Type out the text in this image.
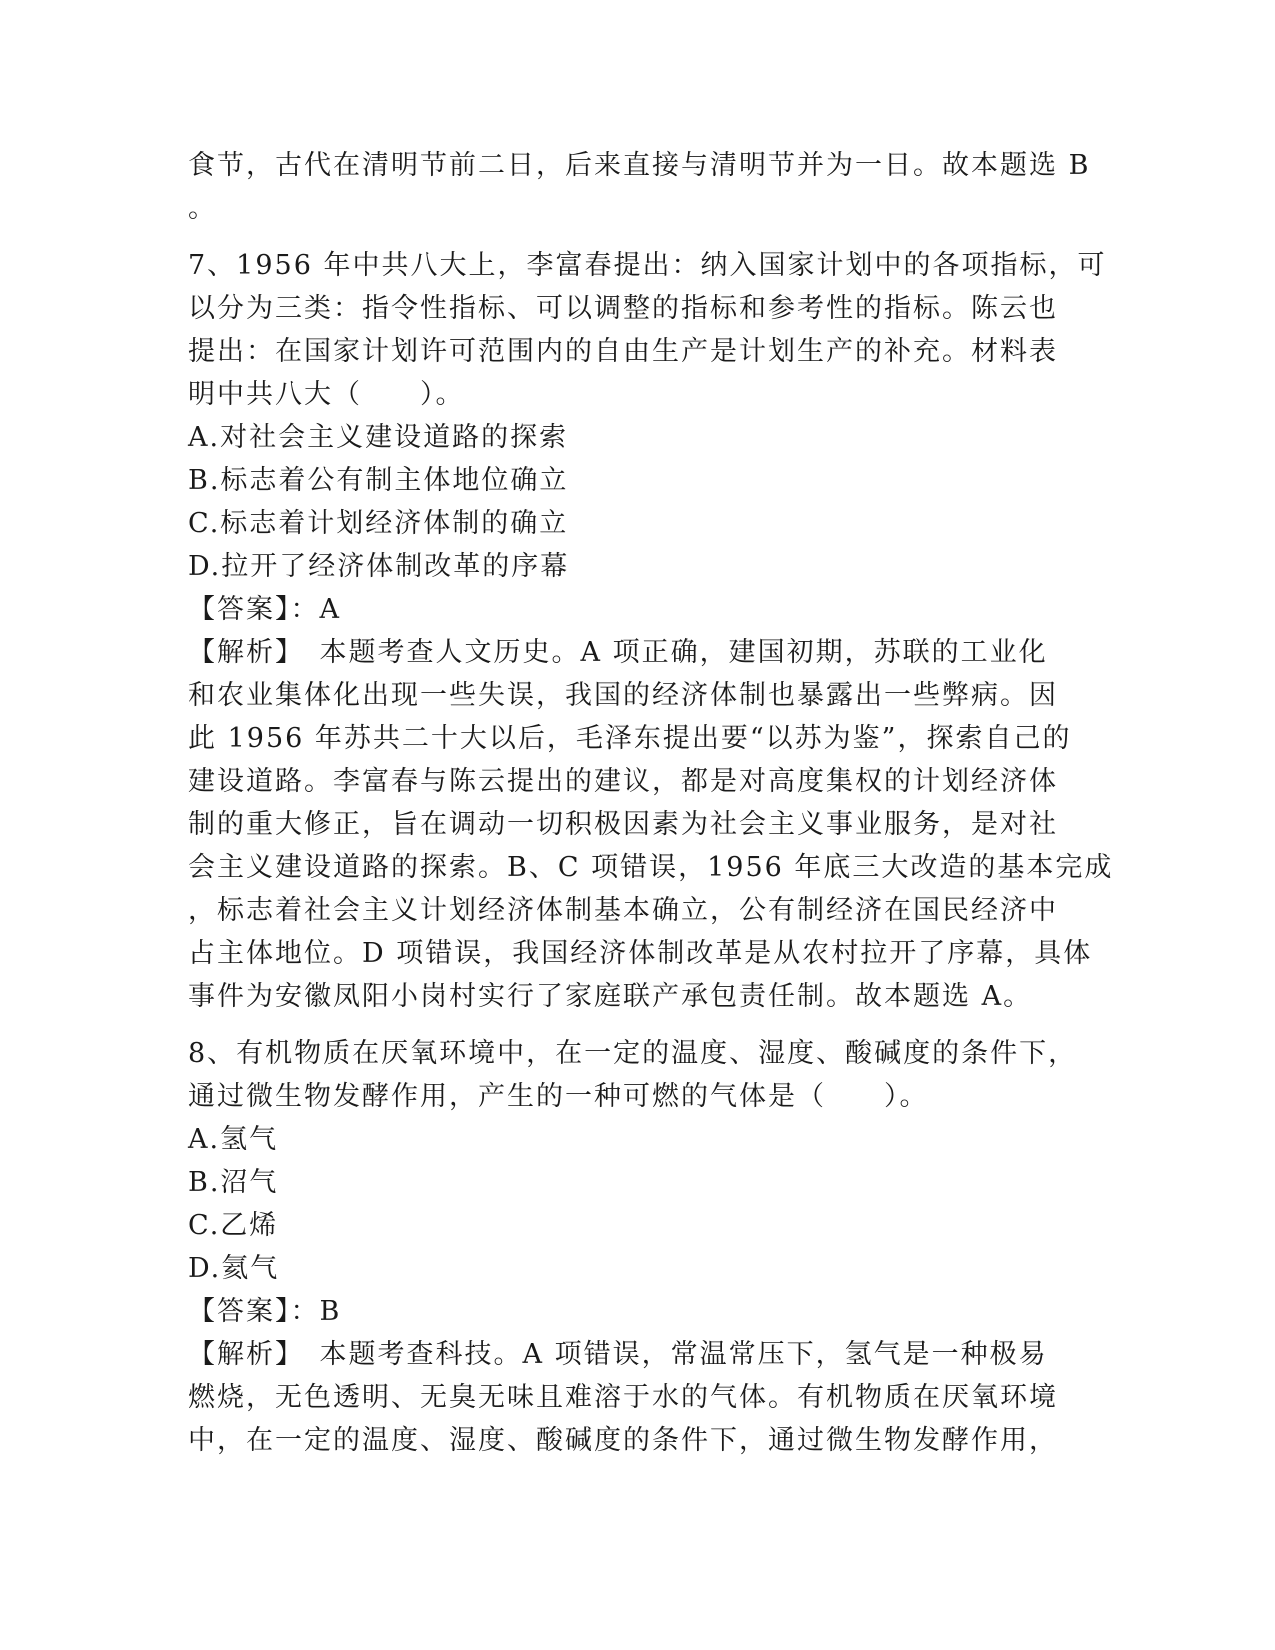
食节，古代在清明节前二日，后来直接与清明节并为一日。故本题选 B
。
7、1956 年中共八大上，李富春提出：纳入国家计划中的各项指标，可
以分为三类：指令性指标、可以调整的指标和参考性的指标。陈云也
提出：在国家计划许可范围内的自由生产是计划生产的补充。材料表
明中共八大（　　）。
A.对社会主义建设道路的探索
B.标志着公有制主体地位确立
C.标志着计划经济体制的确立
D.拉开了经济体制改革的序幕
【答案】：A
【解析】　本题考查人文历史。A 项正确，建国初期，苏联的工业化
和农业集体化出现一些失误，我国的经济体制也暴露出一些弊病。因
此 1956 年苏共二十大以后，毛泽东提出要“以苏为鉴”，探索自己的
建设道路。李富春与陈云提出的建议，都是对高度集权的计划经济体
制的重大修正，旨在调动一切积极因素为社会主义事业服务，是对社
会主义建设道路的探索。B、C 项错误，1956 年底三大改造的基本完成
，标志着社会主义计划经济体制基本确立，公有制经济在国民经济中
占主体地位。D 项错误，我国经济体制改革是从农村拉开了序幕，具体
事件为安徽凤阳小岗村实行了家庭联产承包责任制。故本题选 A。
8、有机物质在厌氧环境中，在一定的温度、湿度、酸碱度的条件下，
通过微生物发酵作用，产生的一种可燃的气体是（　　）。
A.氢气
B.沼气
C.乙烯
D.氦气
【答案】：B
【解析】　本题考查科技。A 项错误，常温常压下，氢气是一种极易
燃烧，无色透明、无臭无味且难溶于水的气体。有机物质在厌氧环境
中，在一定的温度、湿度、酸碱度的条件下，通过微生物发酵作用，
